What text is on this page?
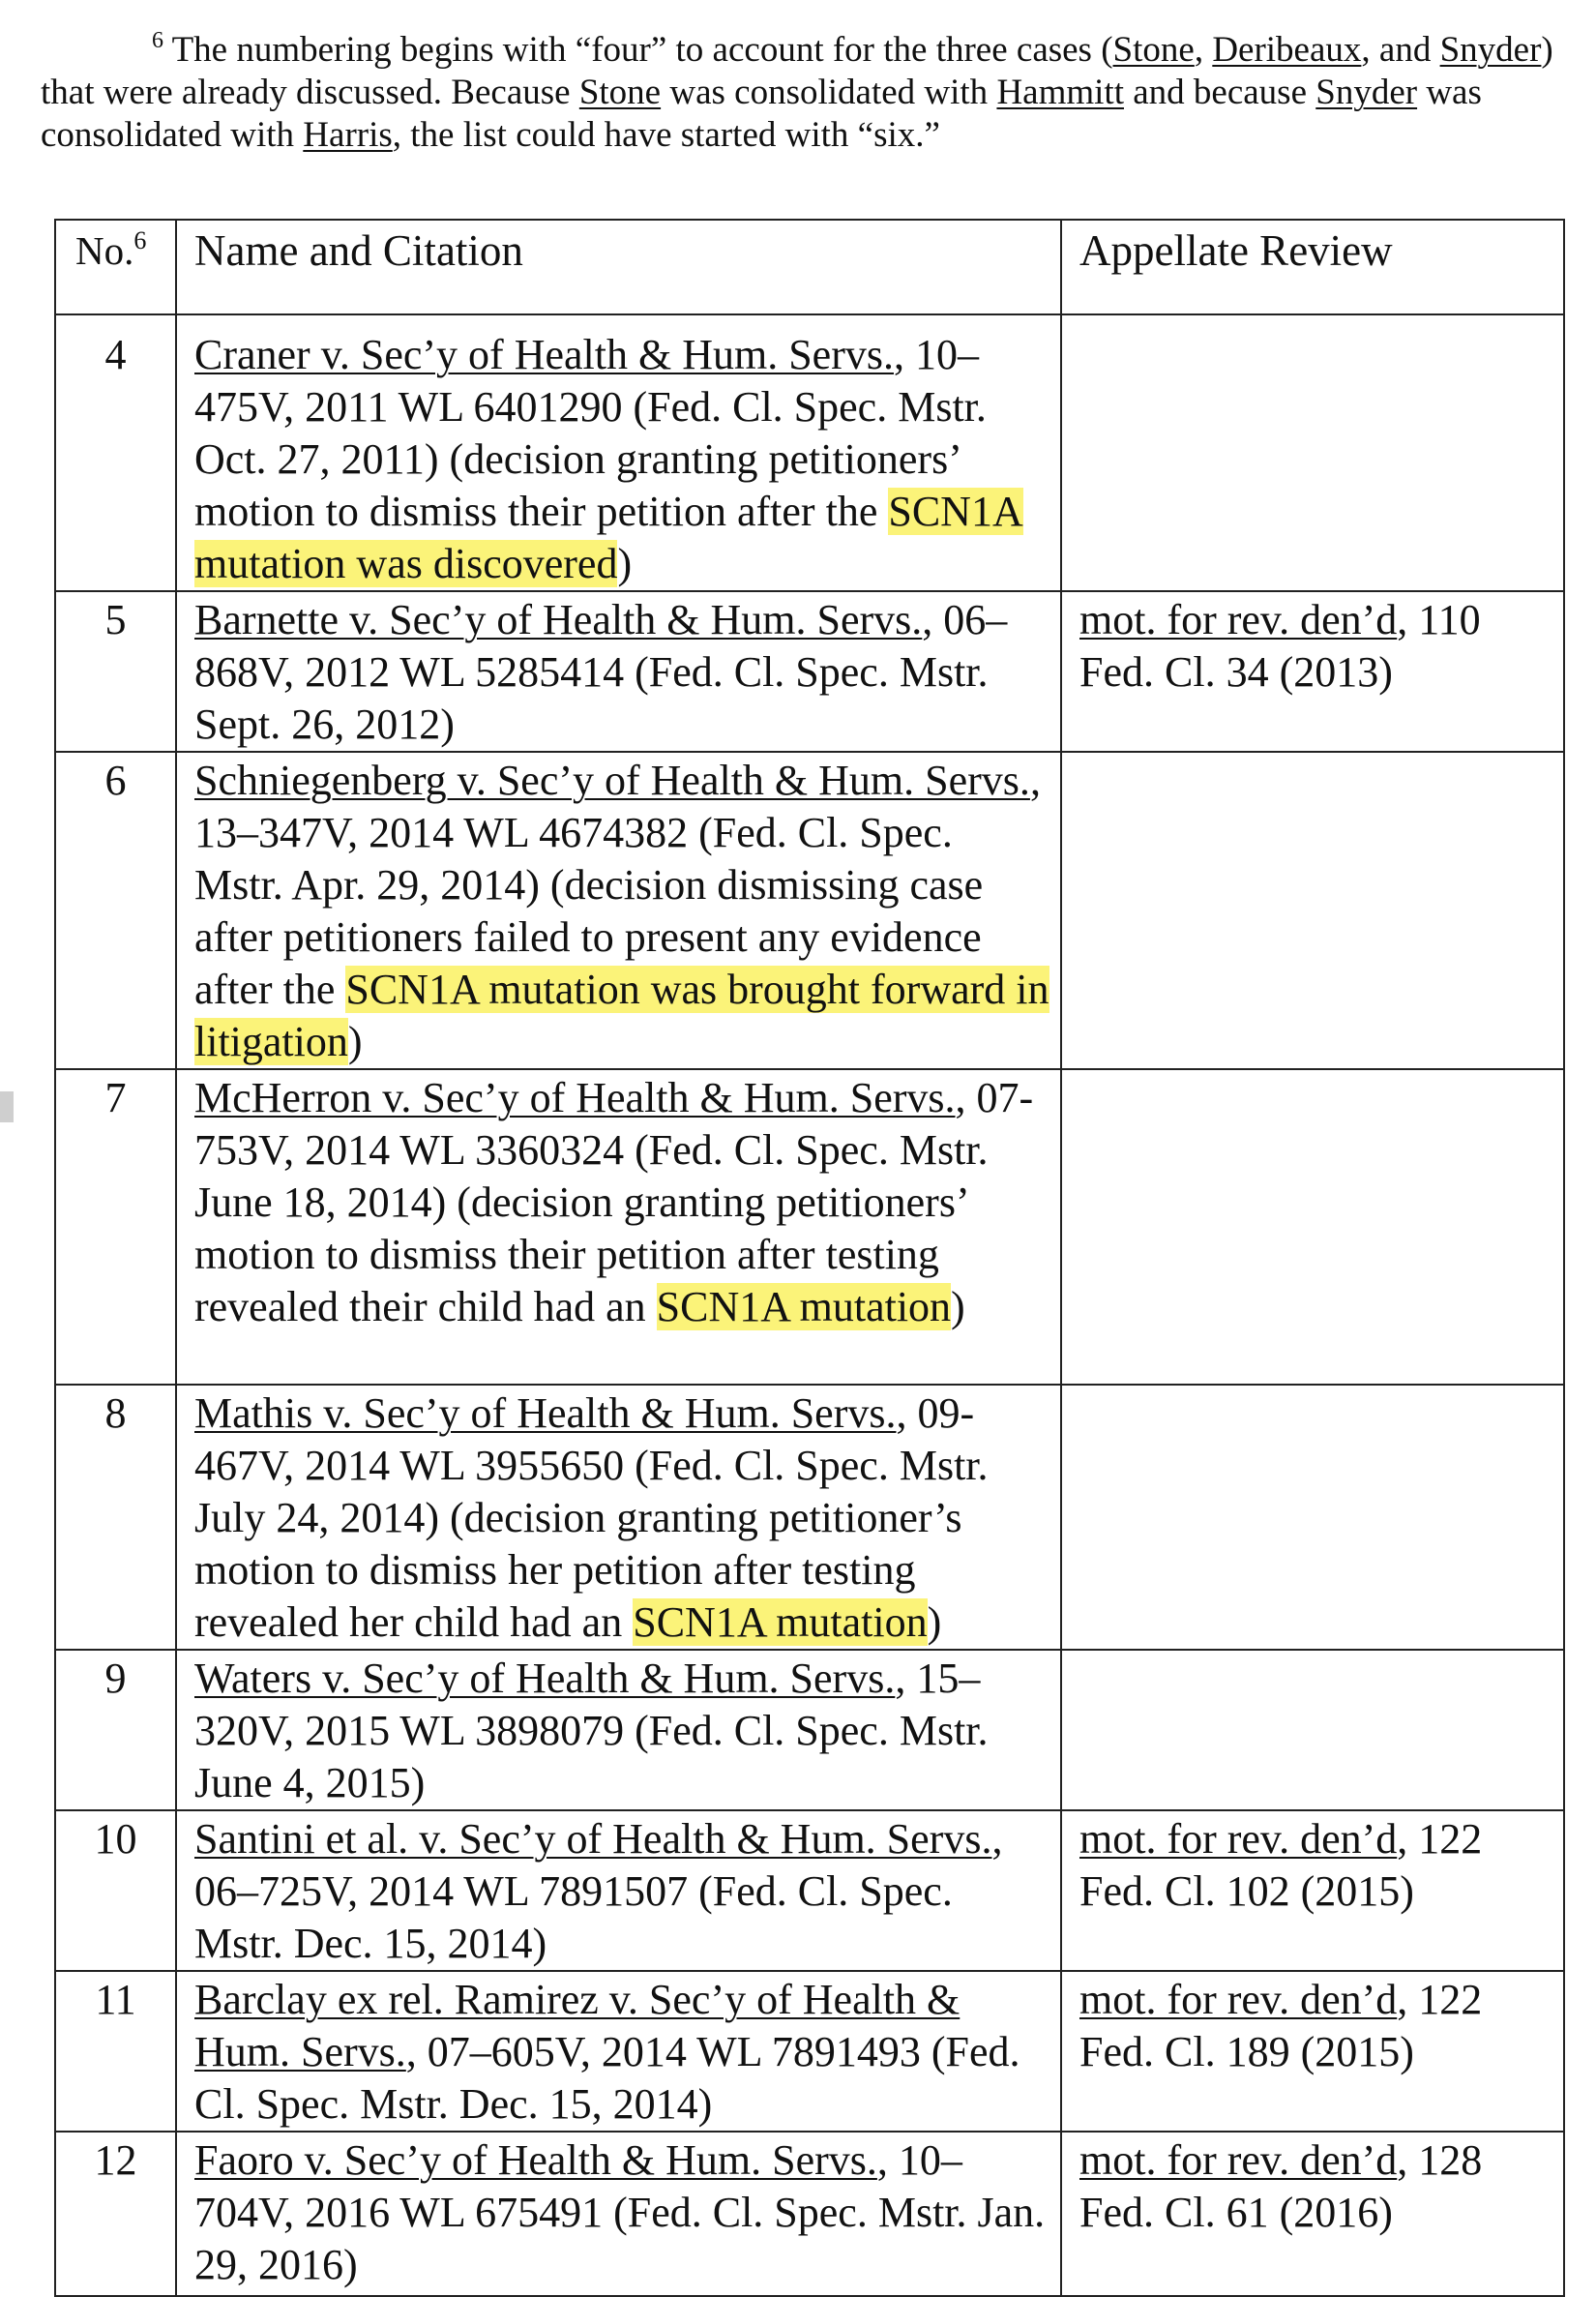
$^6$ The numbering begins with “four” to account for the three cases (Stone, Deribeaux, and Snyder) that were already discussed. Because Stone was consolidated with Hammitt and because Snyder was consolidated with Harris, the list could have started with “six.”

No.$^6$	Name and Citation	Appellate Review
4	Craner v. Sec’y of Health & Hum. Servs., 10–475V, 2011 WL 6401290 (Fed. Cl. Spec. Mstr. Oct. 27, 2011) (decision granting petitioners’ motion to dismiss their petition after the SCN1A mutation was discovered)	
5	Barnette v. Sec’y of Health & Hum. Servs., 06–868V, 2012 WL 5285414 (Fed. Cl. Spec. Mstr. Sept. 26, 2012)	mot. for rev. den’d, 110 Fed. Cl. 34 (2013)
6	Schniegenberg v. Sec’y of Health & Hum. Servs., 13–347V, 2014 WL 4674382 (Fed. Cl. Spec. Mstr. Apr. 29, 2014) (decision dismissing case after petitioners failed to present any evidence after the SCN1A mutation was brought forward in litigation)	
7	McHerron v. Sec’y of Health & Hum. Servs., 07-753V, 2014 WL 3360324 (Fed. Cl. Spec. Mstr. June 18, 2014) (decision granting petitioners’ motion to dismiss their petition after testing revealed their child had an SCN1A mutation)	
8	Mathis v. Sec’y of Health & Hum. Servs., 09-467V, 2014 WL 3955650 (Fed. Cl. Spec. Mstr. July 24, 2014) (decision granting petitioner’s motion to dismiss her petition after testing revealed her child had an SCN1A mutation)	
9	Waters v. Sec’y of Health & Hum. Servs., 15–320V, 2015 WL 3898079 (Fed. Cl. Spec. Mstr. June 4, 2015)	
10	Santini et al. v. Sec’y of Health & Hum. Servs., 06–725V, 2014 WL 7891507 (Fed. Cl. Spec. Mstr. Dec. 15, 2014)	mot. for rev. den’d, 122 Fed. Cl. 102 (2015)
11	Barclay ex rel. Ramirez v. Sec’y of Health & Hum. Servs., 07–605V, 2014 WL 7891493 (Fed. Cl. Spec. Mstr. Dec. 15, 2014)	mot. for rev. den’d, 122 Fed. Cl. 189 (2015)
12	Faoro v. Sec’y of Health & Hum. Servs., 10–704V, 2016 WL 675491 (Fed. Cl. Spec. Mstr. Jan. 29, 2016)	mot. for rev. den’d, 128 Fed. Cl. 61 (2016)
